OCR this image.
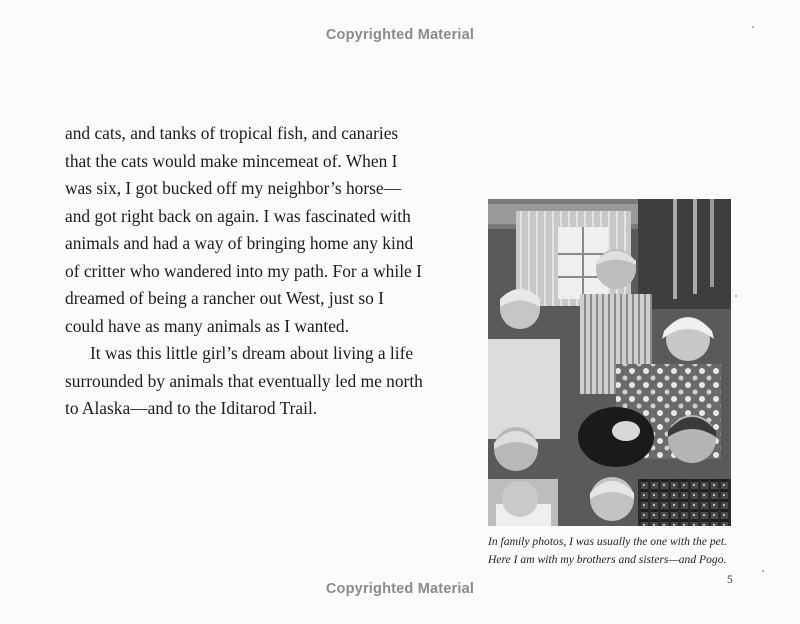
Copyrighted Material
and cats, and tanks of tropical fish, and canaries
that the cats would make mincemeat of. When I
was six, I got bucked off my neighbor’s horse—
and got right back on again. I was fascinated with
animals and had a way of bringing home any kind
of critter who wandered into my path. For a while I
dreamed of being a rancher out West, just so I
could have as many animals as I wanted.
It was this little girl’s dream about living a life
surrounded by animals that eventually led me north
to Alaska—and to the Iditarod Trail.
In family photos, I was usually the one with the pet.
Here I am with my brothers and sisters—and Pogo.
5
Copyrighted Material
